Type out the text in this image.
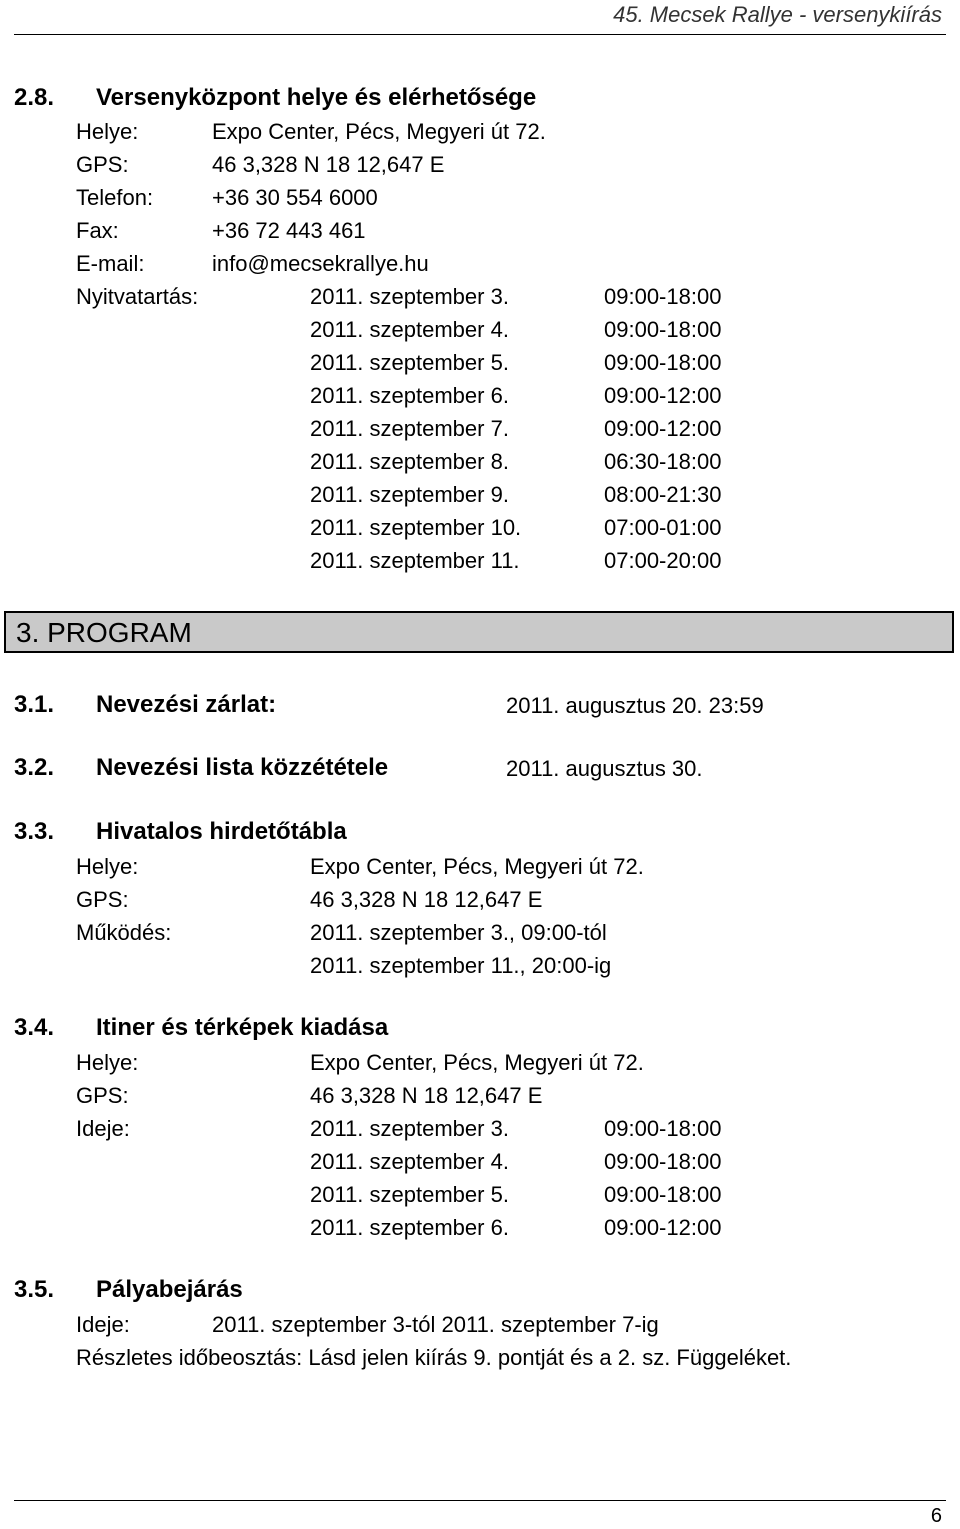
45. Mecsek Rallye - versenykiírás
2.8. Versenyközpont helye és elérhetősége
Helye:	Expo Center, Pécs, Megyeri út 72.
GPS:	46 3,328 N 18 12,647 E
Telefon:	+36 30 554 6000
Fax:	+36 72 443 461
E-mail:	info@mecsekrallye.hu
Nyitvatartás:	2011. szeptember 3.	09:00-18:00
2011. szeptember 4.	09:00-18:00
2011. szeptember 5.	09:00-18:00
2011. szeptember 6.	09:00-12:00
2011. szeptember 7.	09:00-12:00
2011. szeptember 8.	06:30-18:00
2011. szeptember 9.	08:00-21:30
2011. szeptember 10.	07:00-01:00
2011. szeptember 11.	07:00-20:00
3. PROGRAM
3.1. Nevezési zárlat:	2011. augusztus 20. 23:59
3.2. Nevezési lista közzététele	2011. augusztus 30.
3.3. Hivatalos hirdetőtábla
Helye:	Expo Center, Pécs, Megyeri út 72.
GPS:	46 3,328 N 18 12,647 E
Működés:	2011. szeptember 3., 09:00-tól
2011. szeptember 11., 20:00-ig
3.4. Itiner és térképek kiadása
Helye:	Expo Center, Pécs, Megyeri út 72.
GPS:	46 3,328 N 18 12,647 E
Ideje:	2011. szeptember 3.	09:00-18:00
2011. szeptember 4.	09:00-18:00
2011. szeptember 5.	09:00-18:00
2011. szeptember 6.	09:00-12:00
3.5. Pályabejárás
Ideje:	2011. szeptember 3-tól 2011. szeptember 7-ig
Részletes időbeosztás: Lásd jelen kiírás 9. pontját és a 2. sz. Függeléket.
6
